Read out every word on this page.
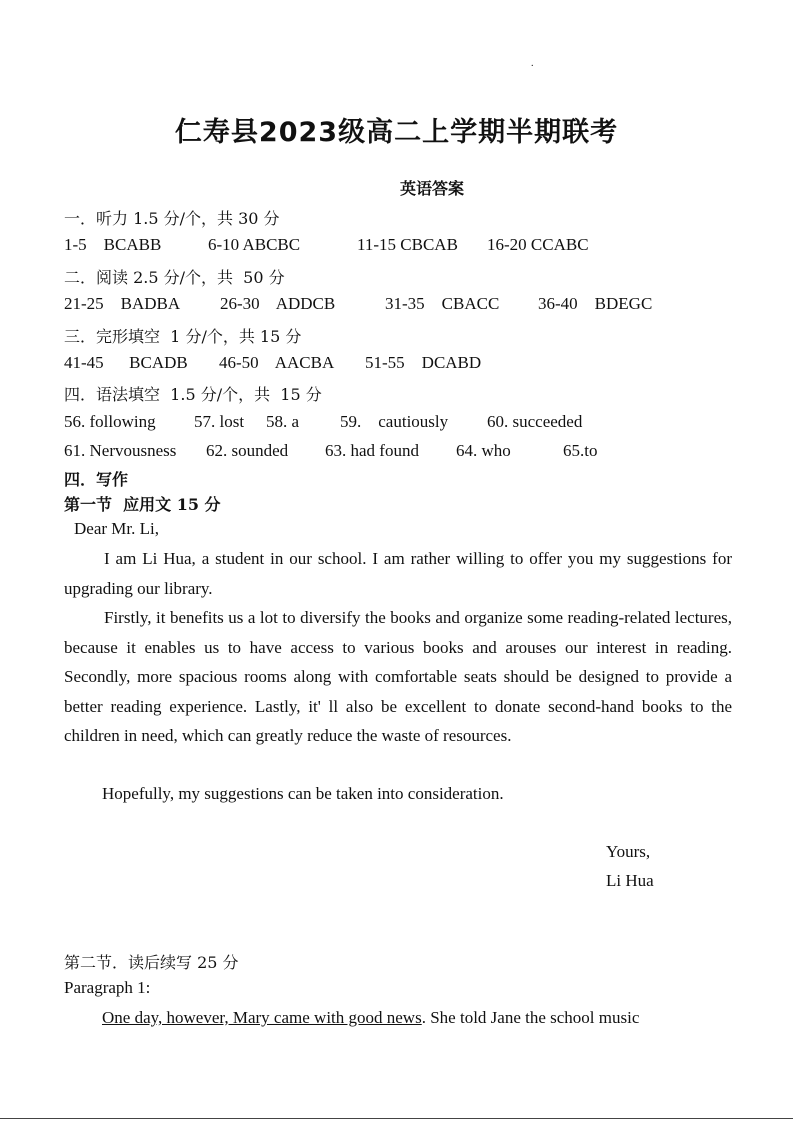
.
仁寿县2023级高二上学期半期联考
英语答案
一．听力 1.5 分/个，共 30 分
1-5    BCABB	6-10 ABCBC	11-15 CBCAB 16-20 CCABC
二．阅读 2.5 分/个，共  50 分
21-25    BADBA 26-30    ADDCB	31-35    CBACC 36-40    BDEGC
三．完形填空  1 分/个，共 15 分
41-45      BCADB 46-50    AACBA 51-55    DCABD
四．语法填空  1.5 分/个，共  15 分
56. following 57. lost 58. a 59.    cautiously 60. succeeded
61. Nervousness 62. sounded 63. had found 64. who	65.to
四．写作
第一节  应用文 15 分
Dear Mr. Li,
I am Li Hua, a student in our school. I am rather willing to offer you my suggestions for upgrading our library.
Firstly, it benefits us a lot to diversify the books and organize some reading-related lectures, because it enables us to have access to various books and arouses our interest in reading. Secondly, more spacious rooms along with comfortable seats should be designed to provide a better reading experience. Lastly, it' ll also be excellent to donate second-hand books to the children in need, which can greatly reduce the waste of resources.
Hopefully, my suggestions can be taken into consideration.
Yours,
Li Hua
第二节．读后续写 25 分
Paragraph 1:
One day, however, Mary came with good news. She told Jane the school music
